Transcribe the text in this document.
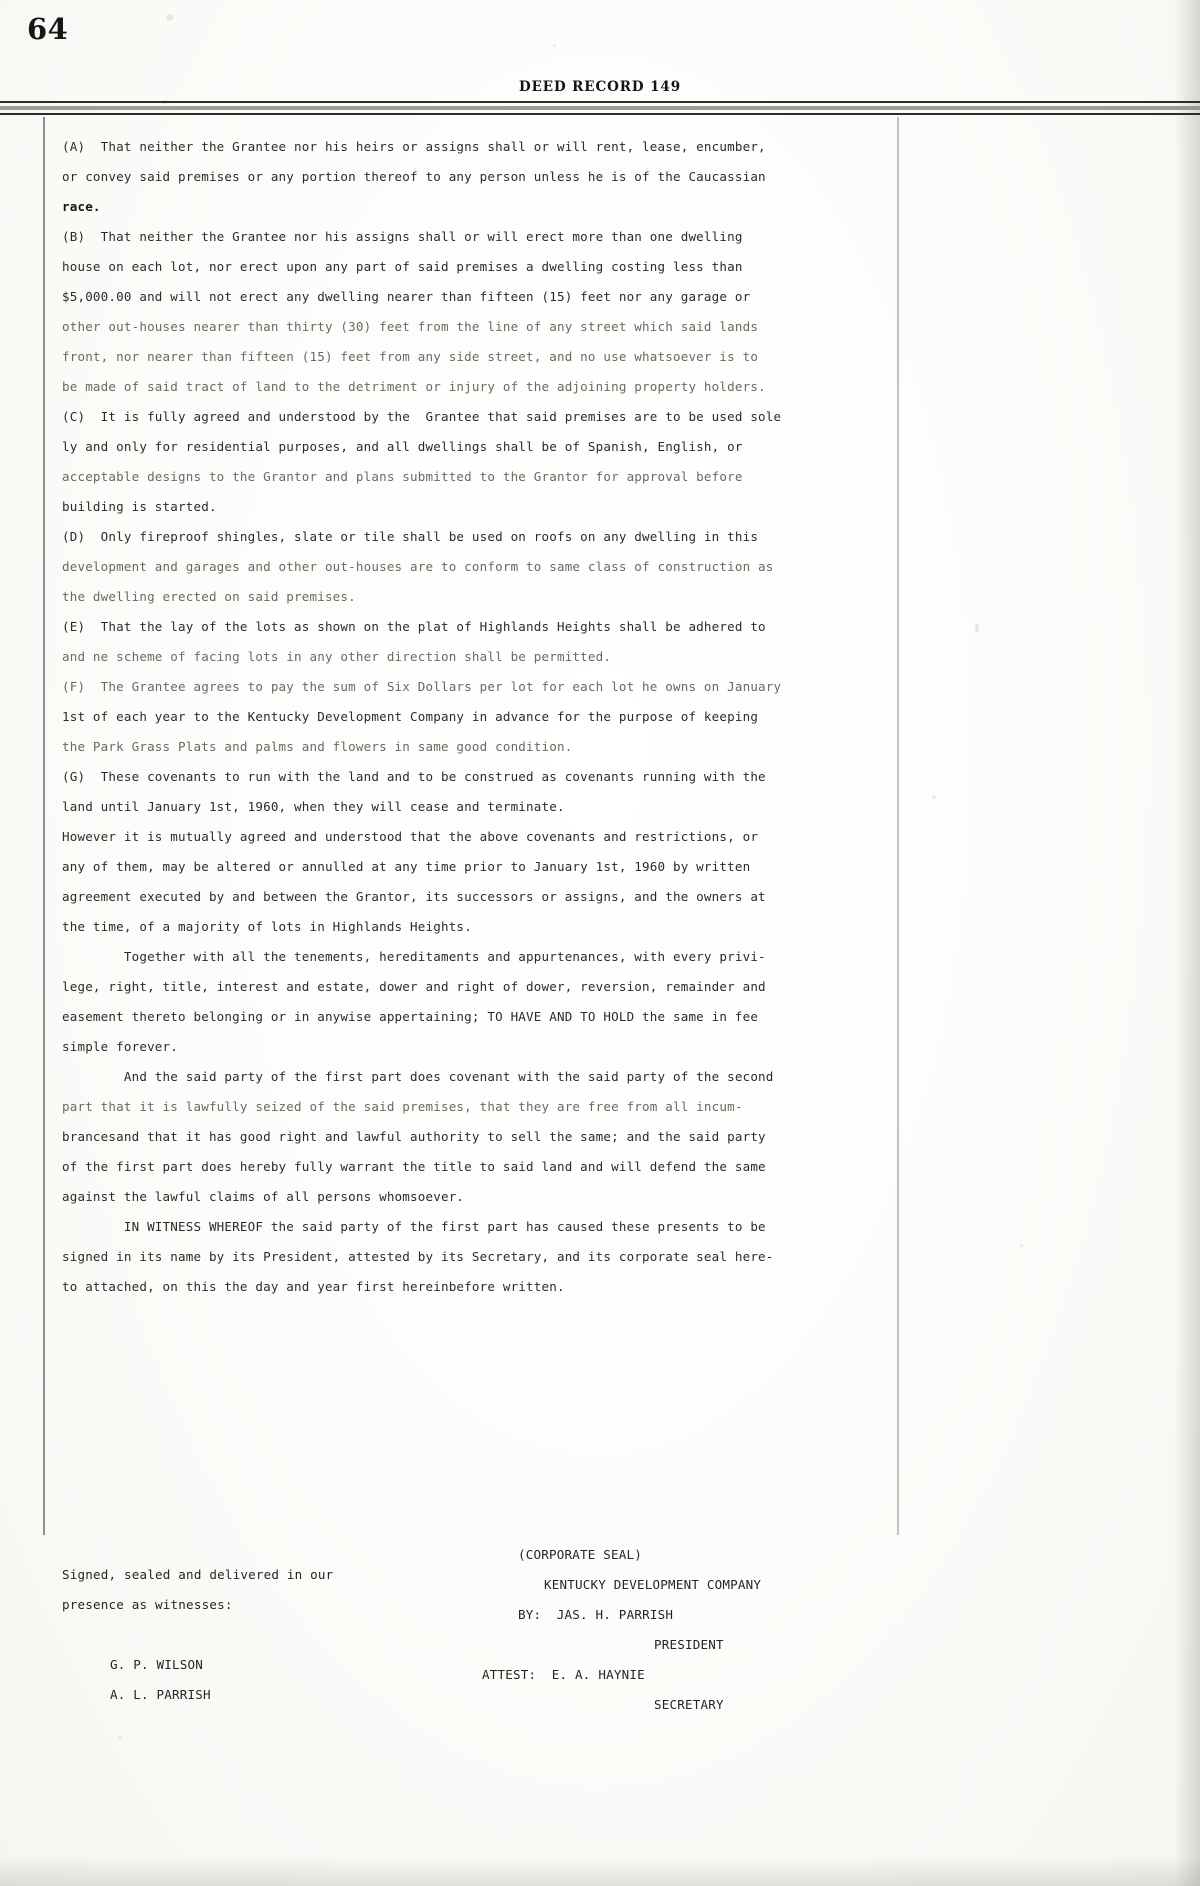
64
DEED RECORD 149
(A)  That neither the Grantee nor his heirs or assigns shall or will rent, lease, encumber,
or convey said premises or any portion thereof to any person unless he is of the Caucassian
race.
(B)  That neither the Grantee nor his assigns shall or will erect more than one dwelling
house on each lot, nor erect upon any part of said premises a dwelling costing less than
$5,000.00 and will not erect any dwelling nearer than fifteen (15) feet nor any garage or
other out-houses nearer than thirty (30) feet from the line of any street which said lands
front, nor nearer than fifteen (15) feet from any side street, and no use whatsoever is to
be made of said tract of land to the detriment or injury of the adjoining property holders.
(C)  It is fully agreed and understood by the  Grantee that said premises are to be used sole
ly and only for residential purposes, and all dwellings shall be of Spanish, English, or
acceptable designs to the Grantor and plans submitted to the Grantor for approval before
building is started.
(D)  Only fireproof shingles, slate or tile shall be used on roofs on any dwelling in this
development and garages and other out-houses are to conform to same class of construction as
the dwelling erected on said premises.
(E)  That the lay of the lots as shown on the plat of Highlands Heights shall be adhered to
and ne scheme of facing lots in any other direction shall be permitted.
(F)  The Grantee agrees to pay the sum of Six Dollars per lot for each lot he owns on January
1st of each year to the Kentucky Development Company in advance for the purpose of keeping
the Park Grass Plats and palms and flowers in same good condition.
(G)  These covenants to run with the land and to be construed as covenants running with the
land until January 1st, 1960, when they will cease and terminate.
However it is mutually agreed and understood that the above covenants and restrictions, or
any of them, may be altered or annulled at any time prior to January 1st, 1960 by written
agreement executed by and between the Grantor, its successors or assigns, and the owners at
the time, of a majority of lots in Highlands Heights.
Together with all the tenements, hereditaments and appurtenances, with every privi-
lege, right, title, interest and estate, dower and right of dower, reversion, remainder and
easement thereto belonging or in anywise appertaining; TO HAVE AND TO HOLD the same in fee
simple forever.
And the said party of the first part does covenant with the said party of the second
part that it is lawfully seized of the said premises, that they are free from all incum-
brancesand that it has good right and lawful authority to sell the same; and the said party
of the first part does hereby fully warrant the title to said land and will defend the same
against the lawful claims of all persons whomsoever.
IN WITNESS WHEREOF the said party of the first part has caused these presents to be
signed in its name by its President, attested by its Secretary, and its corporate seal here-
to attached, on this the day and year first hereinbefore written.
Signed, sealed and delivered in our
presence as witnesses:
G. P. WILSON
A. L. PARRISH
(CORPORATE SEAL)
KENTUCKY DEVELOPMENT COMPANY
BY: JAS. H. PARRISH
PRESIDENT
ATTEST: E. A. HAYNIE
SECRETARY
